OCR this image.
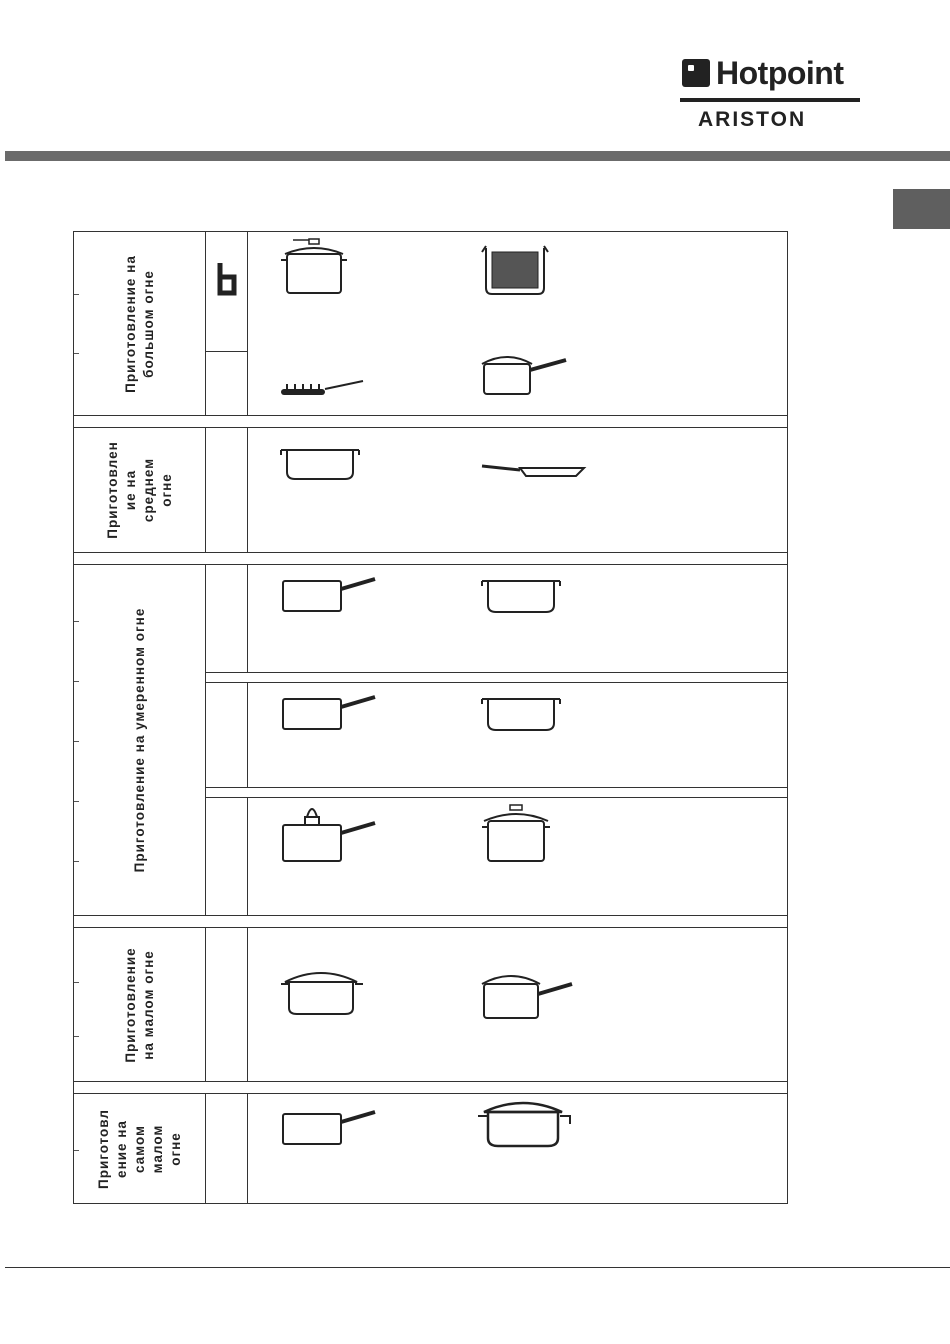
Hotpoint
ARISTON
Приготовление на
большом огне
Приготовлен
ие на
среднем
огне
Приготовление на умеренном огне
Приготовление
на малом огне
Приготовл
ение на
самом
малом
огне
